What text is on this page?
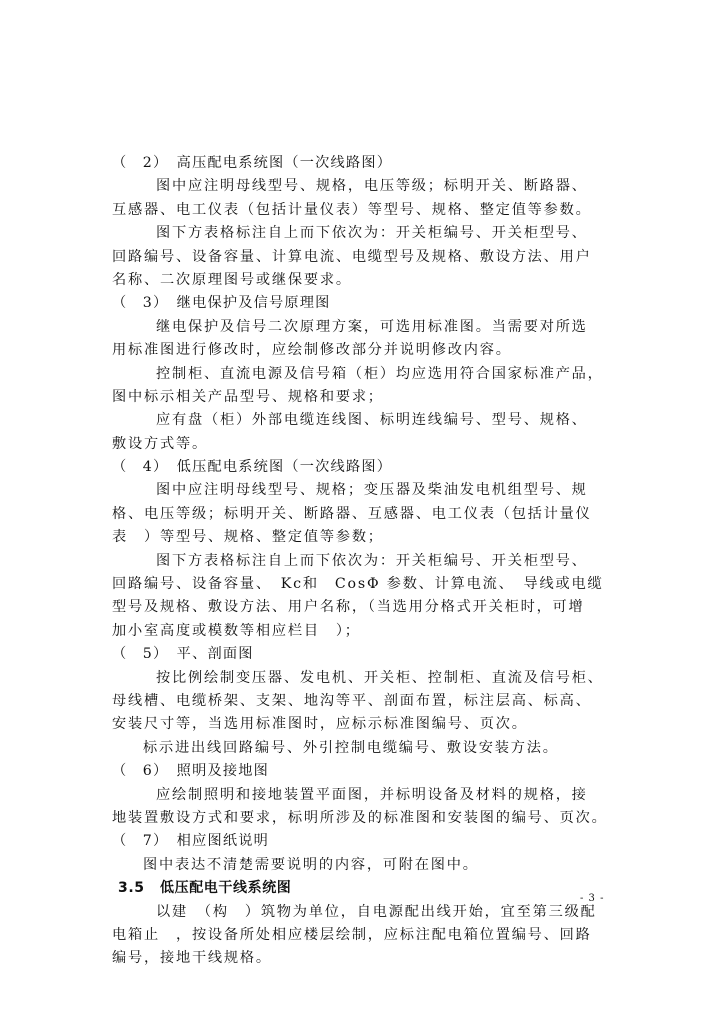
（　2）　高压配电系统图（一次线路图）
图中应注明母线型号、规格，电压等级；标明开关、断路器、
互感器、电工仪表（包括计量仪表）等型号、规格、整定值等参数。
图下方表格标注自上而下依次为：开关柜编号、开关柜型号、
回路编号、设备容量、计算电流、电缆型号及规格、敷设方法、用户
名称、二次原理图号或继保要求。
（　3）　继电保护及信号原理图
继电保护及信号二次原理方案，可选用标准图。当需要对所选
用标准图进行修改时，应绘制修改部分并说明修改内容。
控制柜、直流电源及信号箱（柜）均应选用符合国家标准产品，
图中标示相关产品型号、规格和要求；
应有盘（柜）外部电缆连线图、标明连线编号、型号、规格、
敷设方式等。
（　4）　低压配电系统图（一次线路图）
图中应注明母线型号、规格；变压器及柴油发电机组型号、规
格、电压等级；标明开关、断路器、互感器、电工仪表（包括计量仪
表　）等型号、规格、整定值等参数；
图下方表格标注自上而下依次为：开关柜编号、开关柜型号、
回路编号、设备容量、　Kc和　CosΦ 参数、计算电流、　导线或电缆
型号及规格、敷设方法、用户名称，（当选用分格式开关柜时，可增
加小室高度或模数等相应栏目　）；
（　5）　平、剖面图
按比例绘制变压器、发电机、开关柜、控制柜、直流及信号柜、
母线槽、电缆桥架、支架、地沟等平、剖面布置，标注层高、标高、
安装尺寸等，当选用标准图时，应标示标准图编号、页次。
标示进出线回路编号、外引控制电缆编号、敷设安装方法。
（　6）　照明及接地图
应绘制照明和接地装置平面图，并标明设备及材料的规格，接
地装置敷设方式和要求，标明所涉及的标准图和安装图的编号、页次。
（　7）　相应图纸说明
图中表达不清楚需要说明的内容，可附在图中。
3.5 低压配电干线系统图
以建　（构　）筑物为单位，自电源配出线开始，宜至第三级配
电箱止　，按设备所处相应楼层绘制，应标注配电箱位置编号、回路
编号，接地干线规格。
- 3 -
